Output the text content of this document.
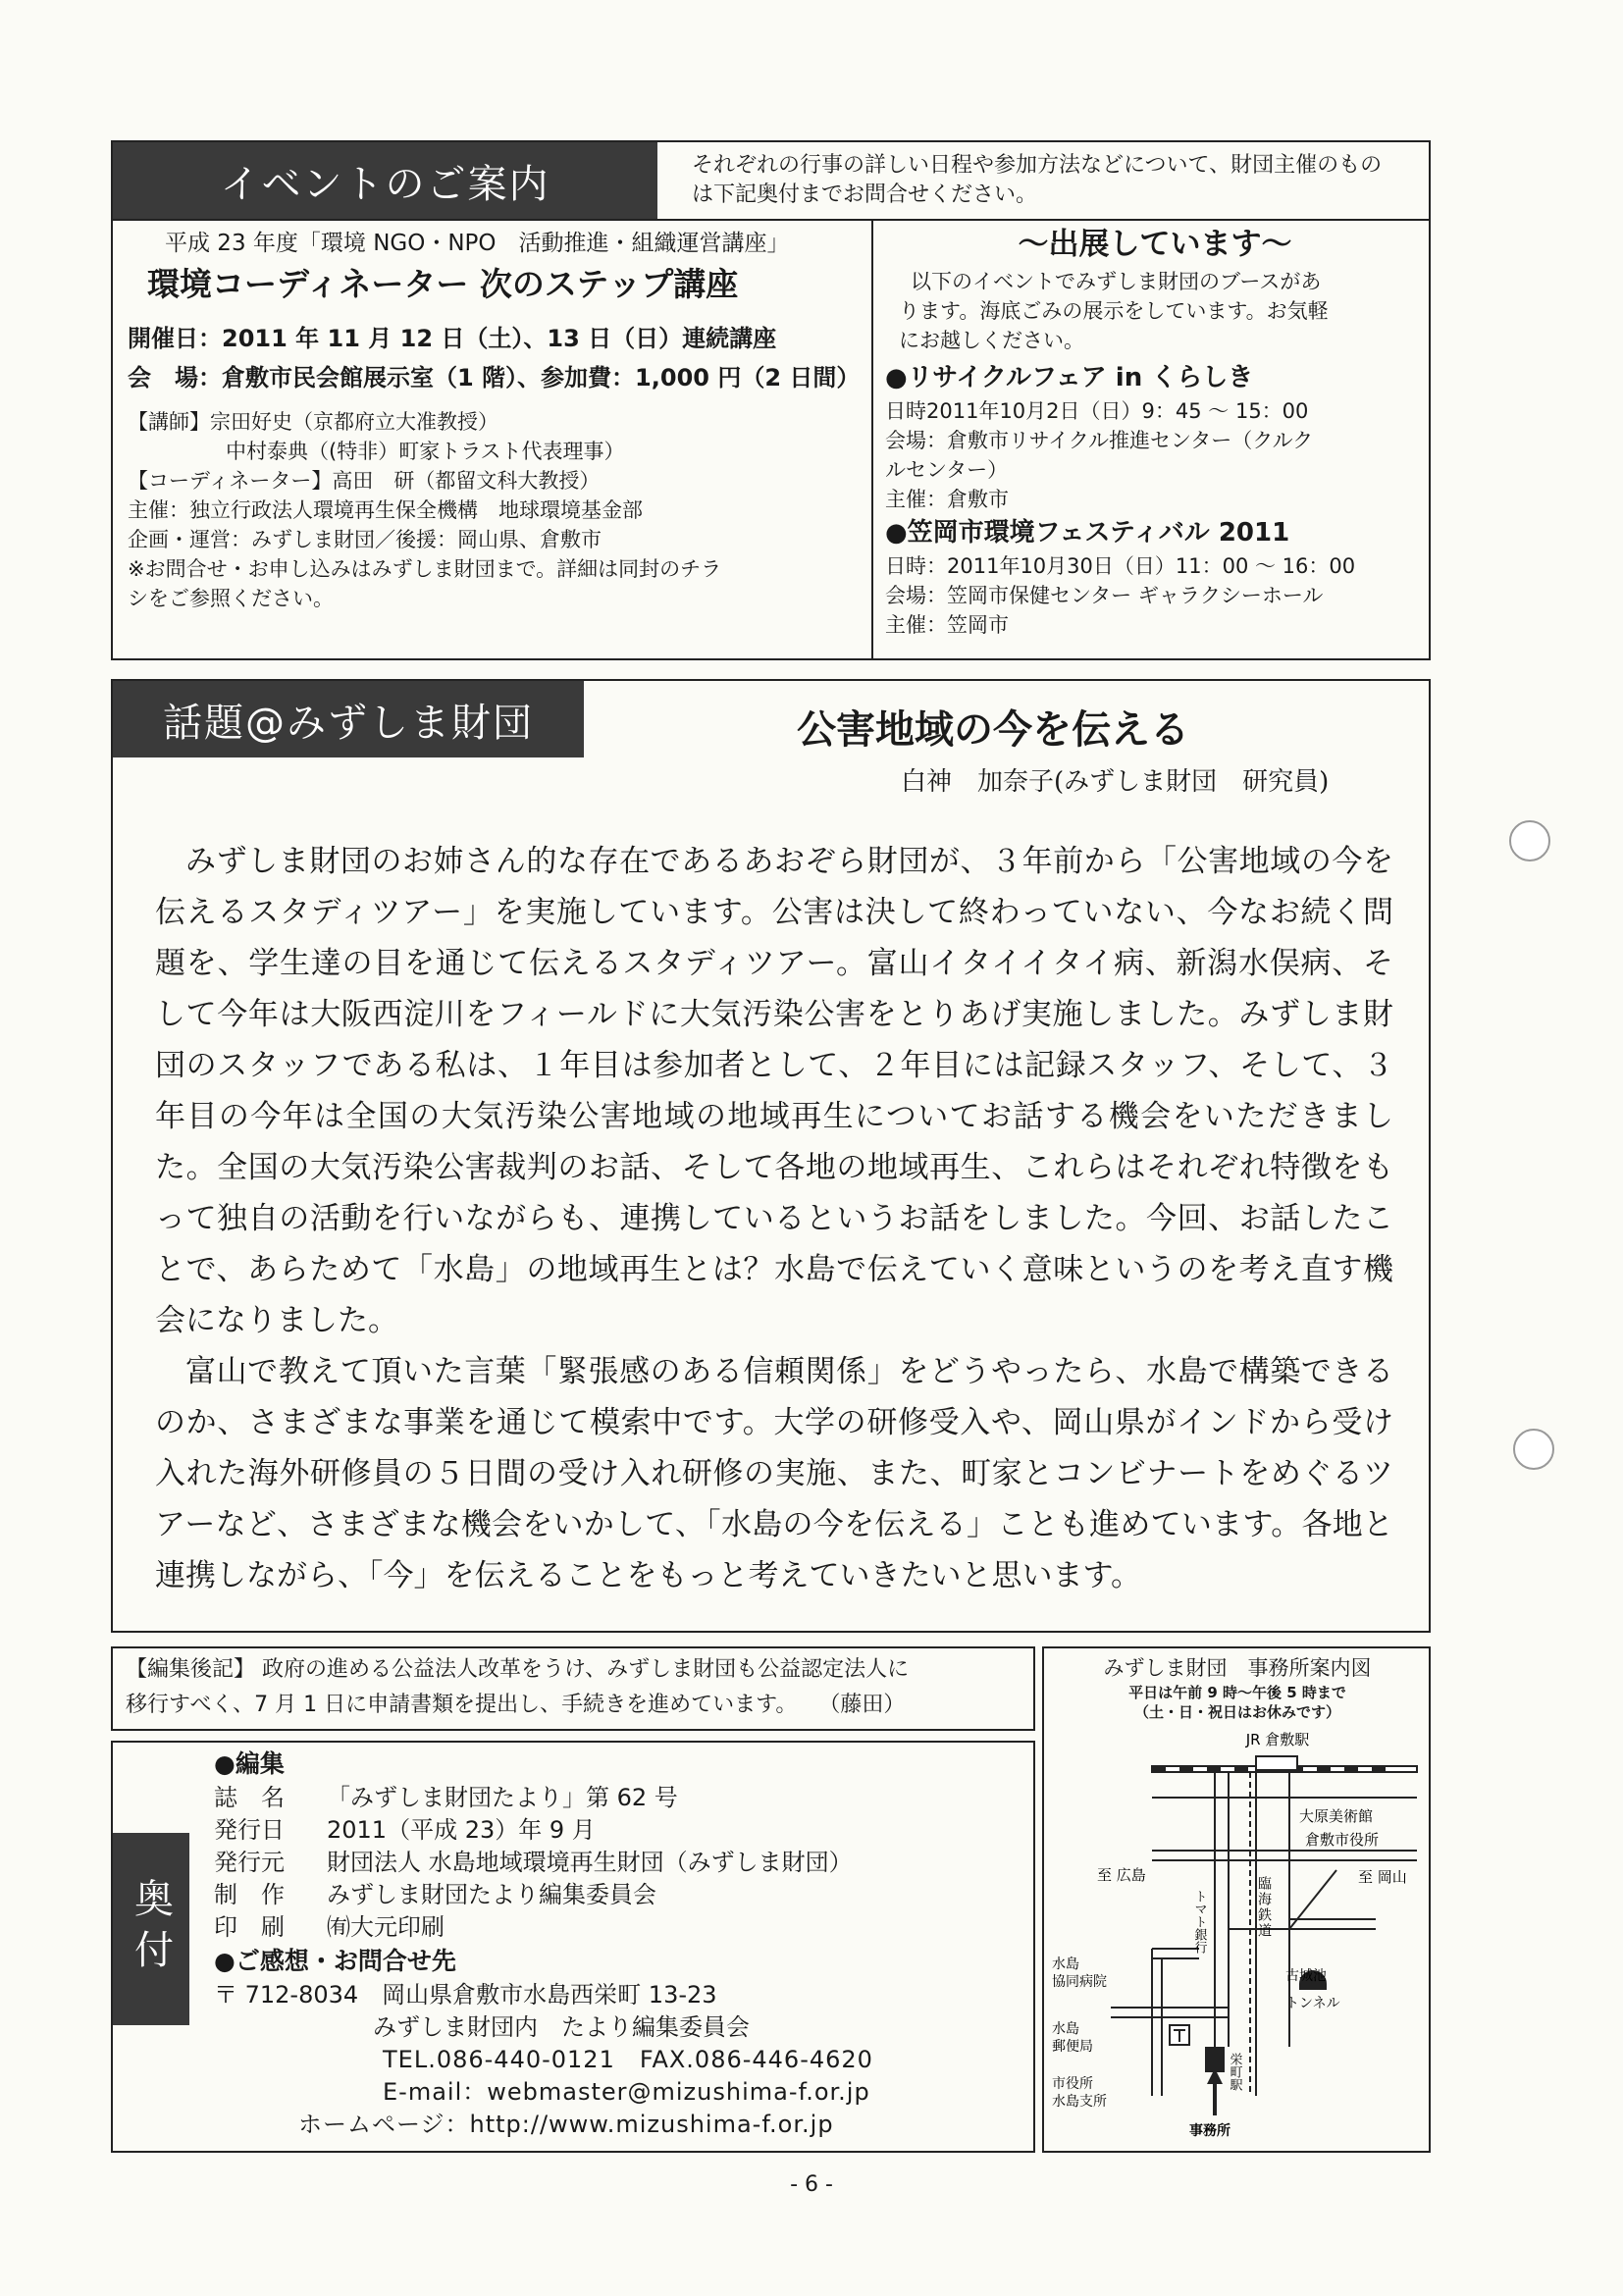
イベントのご案内	それぞれの行事の詳しい日程や参加方法などについて、財団主催のもの
は下記奥付までお問合せください。
平成 23 年度「環境 NGO・NPO　活動推進・組織運営講座」
環境コーディネーター 次のステップ講座
開催日：2011 年 11 月 12 日（土）、13 日（日）連続講座
会　場：倉敷市民会館展示室（1 階）、参加費：1,000 円（2 日間）
【講師】宗田好史（京都府立大准教授）
中村泰典（(特非）町家トラスト代表理事）
【コーディネーター】高田　研（都留文科大教授）
主催：独立行政法人環境再生保全機構　地球環境基金部
企画・運営：みずしま財団／後援：岡山県、倉敷市
※お問合せ・お申し込みはみずしま財団まで。詳細は同封のチラ
シをご参照ください。
～出展しています～
以下のイベントでみずしま財団のブースがあ
ります。海底ごみの展示をしています。お気軽
にお越しください。
●リサイクルフェア in くらしき
日時2011年10月2日（日）9：45 ～ 15：00
会場：倉敷市リサイクル推進センター（クルク
ルセンター）
主催：倉敷市
●笠岡市環境フェスティバル 2011
日時：2011年10月30日（日）11：00 ～ 16：00
会場：笠岡市保健センター ギャラクシーホール
主催：笠岡市
話題@みずしま財団	公害地域の今を伝える
白神　加奈子(みずしま財団　研究員)

みずしま財団のお姉さん的な存在であるあおぞら財団が、３年前から「公害地域の今を伝えるスタディツアー」を実施しています。公害は決して終わっていない、今なお続く問題を、学生達の目を通じて伝えるスタディツアー。富山イタイイタイ病、新潟水俣病、そして今年は大阪西淀川をフィールドに大気汚染公害をとりあげ実施しました。みずしま財団のスタッフである私は、１年目は参加者として、２年目には記録スタッフ、そして、３年目の今年は全国の大気汚染公害地域の地域再生についてお話する機会をいただきました。全国の大気汚染公害裁判のお話、そして各地の地域再生、これらはそれぞれ特徴をもって独自の活動を行いながらも、連携しているというお話をしました。今回、お話したことで、あらためて「水島」の地域再生とは？水島で伝えていく意味というのを考え直す機会になりました。

富山で教えて頂いた言葉「緊張感のある信頼関係」をどうやったら、水島で構築できるのか、さまざまな事業を通じて模索中です。大学の研修受入や、岡山県がインドから受け入れた海外研修員の５日間の受け入れ研修の実施、また、町家とコンビナートをめぐるツアーなど、さまざまな機会をいかして、「水島の今を伝える」ことも進めています。各地と連携しながら、「今」を伝えることをもっと考えていきたいと思います。

【編集後記】 政府の進める公益法人改革をうけ、みずしま財団も公益認定法人に
移行すべく、7 月 1 日に申請書類を提出し、手続きを進めています。　　（藤田）
奥付
●編集
誌　名 「みずしま財団たより」第 62 号
発行日 2011（平成 23）年 9 月
発行元 財団法人 水島地域環境再生財団（みずしま財団）
制　作 みずしま財団たより編集委員会
印　刷 ㈲大元印刷
●ご感想・お問合せ先
〒 712-8034　岡山県倉敷市水島西栄町 13-23
みずしま財団内　たより編集委員会
TEL.086-440-0121　FAX.086-446-4620
E-mail：webmaster@mizushima-f.or.jp
ホームページ：http://www.mizushima-f.or.jp
みずしま財団　事務所案内図
平日は午前 9 時～午後 5 時まで
（土・日・祝日はお休みです）
JR 倉敷駅
大原美術館
倉敷市役所
至 岡山
至 広島
臨海鉄道
トマト銀行
水島
協同病院
水島
郵便局
市役所
水島支所
栄町駅
古城池
トンネル
事務所
- 6 -
